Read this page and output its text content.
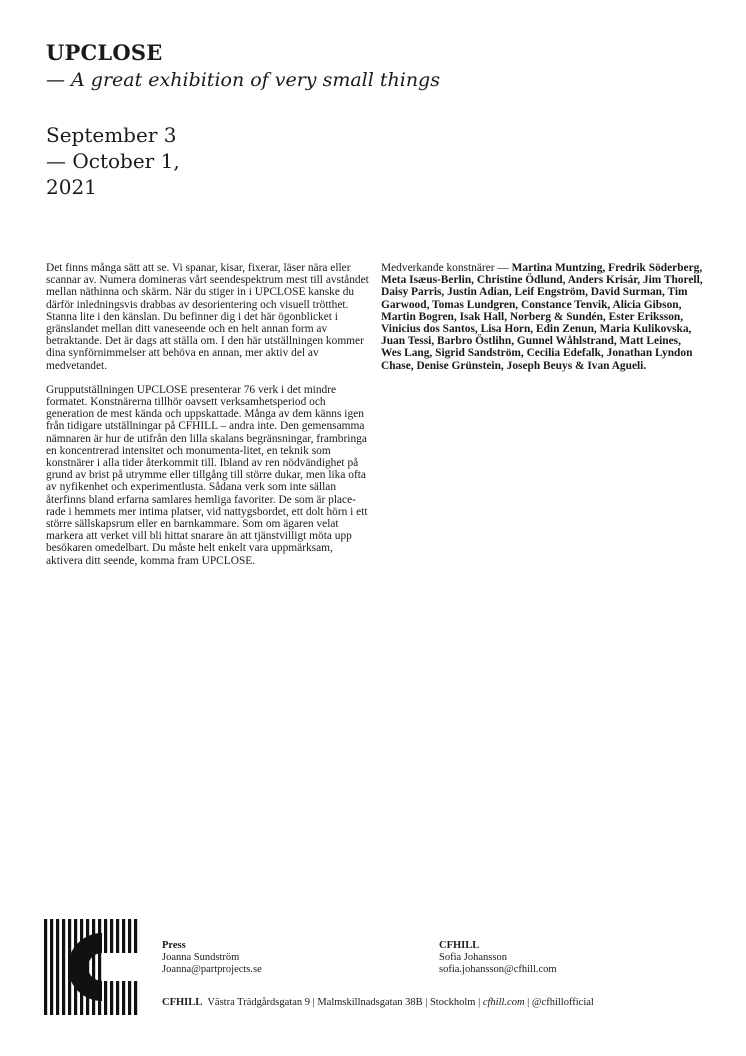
UPCLOSE
— A great exhibition of very small things
September 3
— October 1,
2021

Det finns många sätt att se. Vi spanar, kisar, fixerar, läser nära eller scannar av. Numera domineras vårt seendespektrum mest till avståndet mellan näthinna och skärm. När du stiger in i UPCLOSE kanske du därför inledningsvis drabbas av desorientering och visuell trötthet. Stanna lite i den känslan. Du befinner dig i det här ögonblicket i gränslandet mellan ditt vaneseende och en helt annan form av betraktande. Det är dags att ställa om. I den här utställningen kommer dina synförnimmelser att behöva en annan, mer aktiv del av medvetandet.

Grupputställningen UPCLOSE presenterar 76 verk i det mindre formatet. Konstnärerna tillhör oavsett verksamhetsperiod och generation de mest kända och uppskattade. Många av dem känns igen från tidigare utställningar på CFHILL – andra inte. Den gemensamma nämnaren är hur de utifrån den lilla skalans begränsningar, frambringa en koncentrerad intensitet och monumenta-litet, en teknik som konstnärer i alla tider återkommit till. Ibland av ren nödvändighet på grund av brist på utrymme eller tillgång till större dukar, men lika ofta av nyfikenhet och experimentlusta. Sådana verk som inte sällan återfinns bland erfarna samlares hemliga favoriter. De som är place-rade i hemmets mer intima platser, vid nattygsbordet, ett dolt hörn i ett större sällskapsrum eller en barnkammare. Som om ägaren velat markera att verket vill bli hittat snarare än att tjänstvilligt möta upp besökaren omedelbart. Du måste helt enkelt vara uppmärksam, aktivera ditt seende, komma fram UPCLOSE.

Medverkande konstnärer — Martina Muntzing, Fredrik Söderberg, Meta Isæus-Berlin, Christine Ödlund, Anders Krisár, Jim Thorell, Daisy Parris, Justin Adian, Leif Engström, David Surman, Tim Garwood, Tomas Lundgren, Constance Tenvik, Alicia Gibson, Martin Bogren, Isak Hall, Norberg & Sundén, Ester Eriksson, Vinicius dos Santos, Lisa Horn, Edin Zenun, Maria Kulikovska, Juan Tessi, Barbro Östlihn, Gunnel Wåhlstrand, Matt Leines, Wes Lang, Sigrid Sandström, Cecilia Edefalk, Jonathan Lyndon Chase, Denise Grünstein, Joseph Beuys & Ivan Agueli.
Press
Joanna Sundström
Joanna@partprojects.se
CFHILL
Sofia Johansson
sofia.johansson@cfhill.com
CFHILL Västra Trädgårdsgatan 9 | Malmskillnadsgatan 38B | Stockholm | cfhill.com | @cfhillofficial
